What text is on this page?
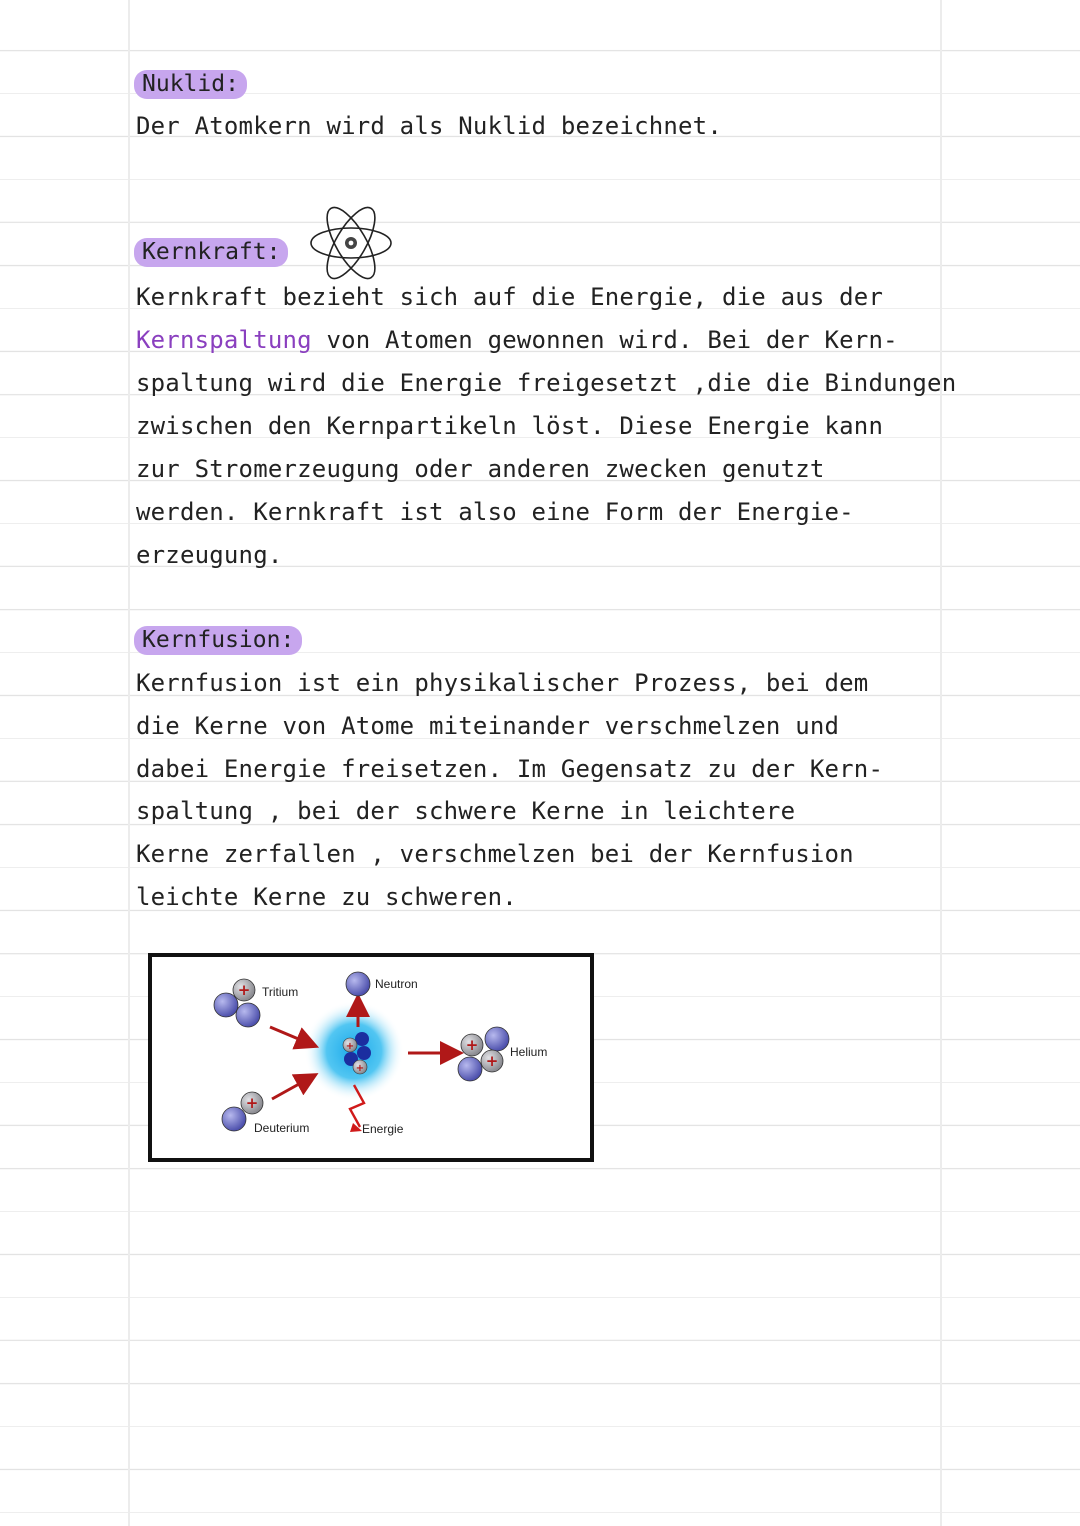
Nuklid:
Der Atomkern wird als Nuklid bezeichnet.
Kernkraft:
Kernkraft bezieht sich auf die Energie, die aus der
Kernspaltung von Atomen gewonnen wird. Bei der Kern-
spaltung wird die Energie freigesetzt ,die die Bindungen
zwischen den Kernpartikeln löst. Diese Energie kann
zur Stromerzeugung oder anderen zwecken genutzt
werden. Kernkraft ist also eine Form der Energie-
erzeugung.
Kernfusion:
Kernfusion ist ein physikalischer Prozess, bei dem
die Kerne von Atome miteinander verschmelzen und
dabei Energie freisetzen. Im Gegensatz zu der Kern-
spaltung , bei der schwere Kerne in leichtere
Kerne zerfallen , verschmelzen bei der Kernfusion
leichte Kerne zu schweren.
+
+
+
+
+
+
Tritium
Neutron
Helium
Deuterium	Energie
